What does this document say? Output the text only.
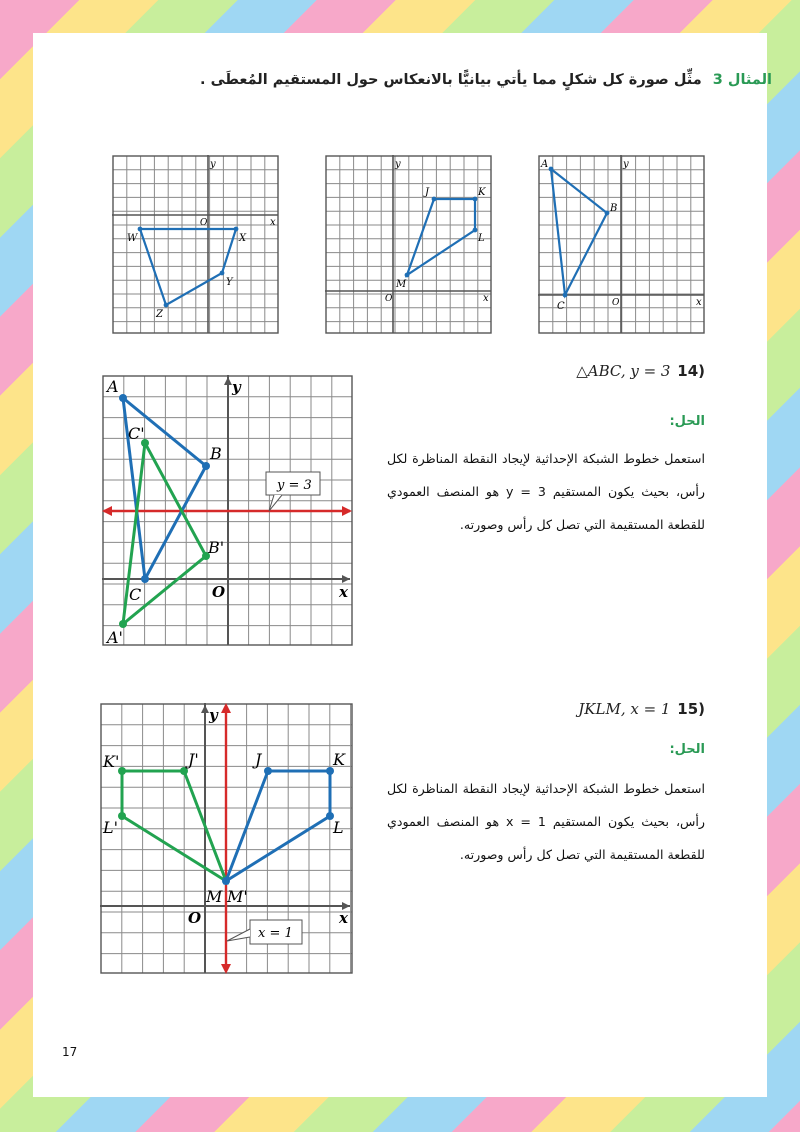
المثال 3 مثِّل صورة كل شكلٍ مما يأتي بيانيًّا بالانعكاس حول المستقيم المُعطَى .
y
x
O
W	X
Y
Z
y
x
O
J	K
L
M
y
x
O
A
B
C
△ABC, y = 3 14)
الحل:
استعمل خطوط الشبكة الإحداثية لإيجاد النقطة المناظرة لكل رأس، بحيث يكون المستقيم y = 3 هو المنصف العمودي للقطعة المستقيمة التي تصل كل رأس وصورته.
y = 3
y
x
O
A
B
C
A'
B'
C'
JKLM, x = 1 15)
الحل:
استعمل خطوط الشبكة الإحداثية لإيجاد النقطة المناظرة لكل رأس، بحيث يكون المستقيم x = 1 هو المنصف العمودي للقطعة المستقيمة التي تصل كل رأس وصورته.
x = 1
y
x
O
J	K
L
M
J'
K'
L'
M'
17
